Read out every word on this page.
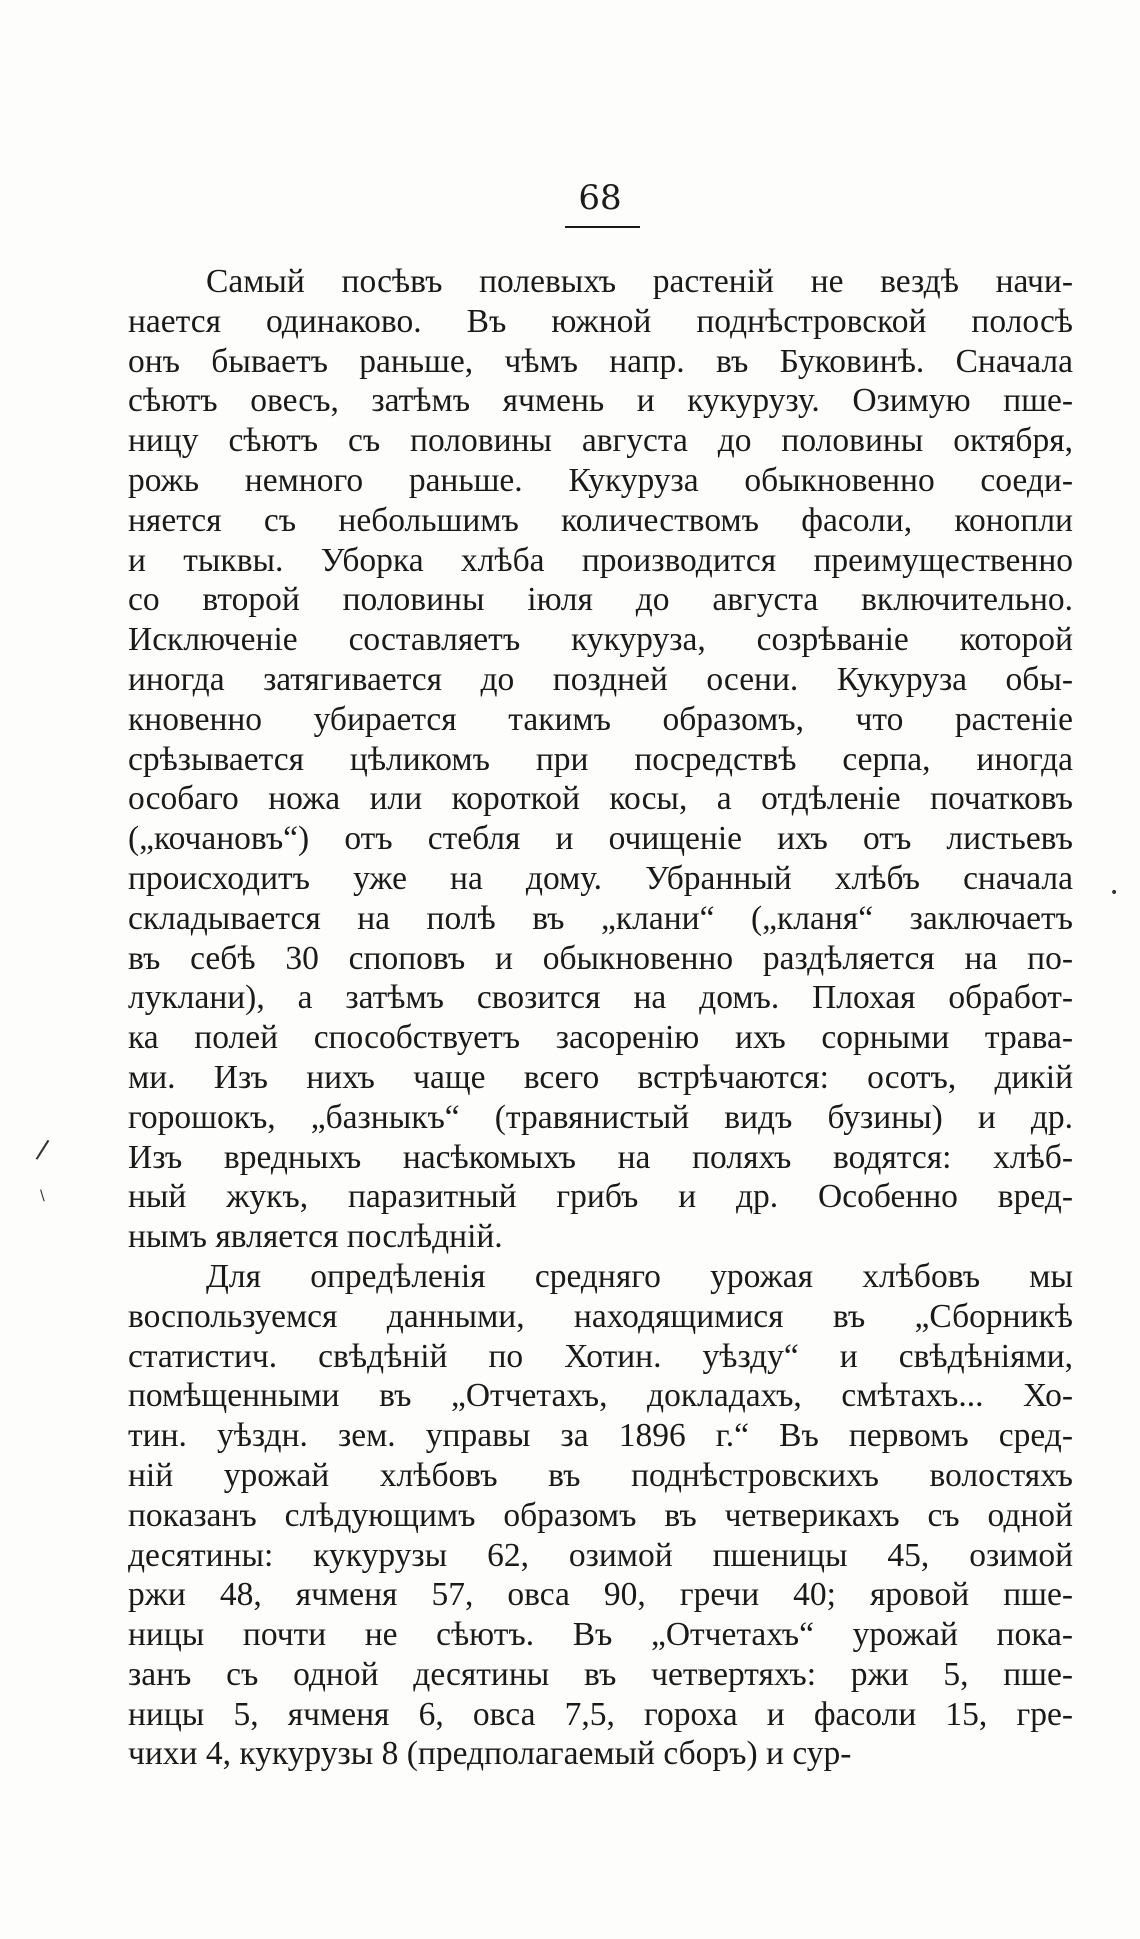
68
/
\
•
Самый посѣвъ полевыхъ растеній не вездѣ начи-
нается одинаково. Въ южной поднѣстровской полосѣ
онъ бываетъ раньше, чѣмъ напр. въ Буковинѣ. Сначала
сѣютъ овесъ, затѣмъ ячмень и кукурузу. Озимую пше-
ницу сѣютъ съ половины августа до половины октября,
рожь немного раньше. Кукуруза обыкновенно соеди-
няется съ небольшимъ количествомъ фасоли, конопли
и тыквы. Уборка хлѣба производится преимущественно
со второй половины іюля до августа включительно.
Исключеніе составляетъ кукуруза, созрѣваніе которой
иногда затягивается до поздней осени. Кукуруза обы-
кновенно убирается такимъ образомъ, что растеніе
срѣзывается цѣликомъ при посредствѣ серпа, иногда
особаго ножа или короткой косы, а отдѣленіе початковъ
(„кочановъ“) отъ стебля и очищеніе ихъ отъ листьевъ
происходитъ уже на дому. Убранный хлѣбъ сначала
складывается на полѣ въ „клани“ („кланя“ заключаетъ
въ себѣ 30 споповъ и обыкновенно раздѣляется на по-
луклани), а затѣмъ свозится на домъ. Плохая обработ-
ка полей способствуетъ засоренію ихъ сорными трава-
ми. Изъ нихъ чаще всего встрѣчаются: осотъ, дикій
горошокъ, „базныкъ“ (травянистый видъ бузины) и др.
Изъ вредныхъ насѣкомыхъ на поляхъ водятся: хлѣб-
ный жукъ, паразитный грибъ и др. Особенно вред-
нымъ является послѣдній.
Для опредѣленія средняго урожая хлѣбовъ мы
воспользуемся данными, находящимися въ „Сборникѣ
статистич. свѣдѣній по Хотин. уѣзду“ и свѣдѣніями,
помѣщенными въ „Отчетахъ, докладахъ, смѣтахъ... Хо-
тин. уѣздн. зем. управы за 1896 г.“ Въ первомъ сред-
ній урожай хлѣбовъ въ поднѣстровскихъ волостяхъ
показанъ слѣдующимъ образомъ въ четверикахъ съ одной
десятины: кукурузы 62, озимой пшеницы 45, озимой
ржи 48, ячменя 57, овса 90, гречи 40; яровой пше-
ницы почти не сѣютъ. Въ „Отчетахъ“ урожай пока-
занъ съ одной десятины въ четвертяхъ: ржи 5, пше-
ницы 5, ячменя 6, овса 7,5, гороха и фасоли 15, гре-
чихи 4, кукурузы 8 (предполагаемый сборъ) и сур-
